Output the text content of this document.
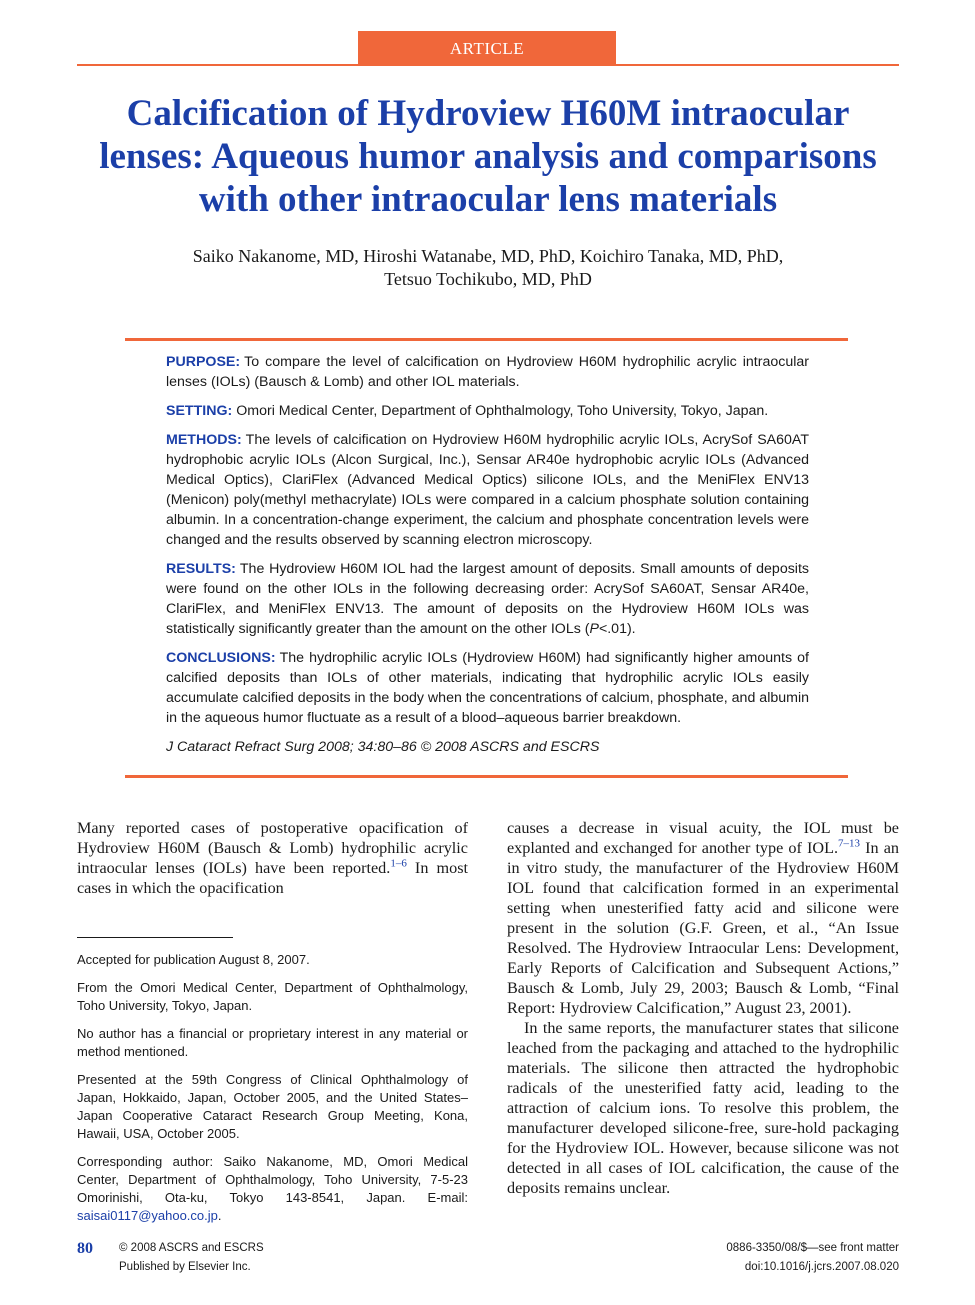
ARTICLE
Calcification of Hydroview H60M intraocular
lenses: Aqueous humor analysis and comparisons
with other intraocular lens materials
Saiko Nakanome, MD, Hiroshi Watanabe, MD, PhD, Koichiro Tanaka, MD, PhD,
Tetsuo Tochikubo, MD, PhD

PURPOSE: To compare the level of calcification on Hydroview H60M hydrophilic acrylic intraocular lenses (IOLs) (Bausch & Lomb) and other IOL materials.

SETTING: Omori Medical Center, Department of Ophthalmology, Toho University, Tokyo, Japan.

METHODS: The levels of calcification on Hydroview H60M hydrophilic acrylic IOLs, AcrySof SA60AT hydrophobic acrylic IOLs (Alcon Surgical, Inc.), Sensar AR40e hydrophobic acrylic IOLs (Advanced Medical Optics), ClariFlex (Advanced Medical Optics) silicone IOLs, and the MeniFlex ENV13 (Menicon) poly(methyl methacrylate) IOLs were compared in a calcium phosphate solution containing albumin. In a concentration-change experiment, the calcium and phosphate concentration levels were changed and the results observed by scanning electron microscopy.

RESULTS: The Hydroview H60M IOL had the largest amount of deposits. Small amounts of deposits were found on the other IOLs in the following decreasing order: AcrySof SA60AT, Sensar AR40e, ClariFlex, and MeniFlex ENV13. The amount of deposits on the Hydroview H60M IOLs was statistically significantly greater than the amount on the other IOLs (P<.01).

CONCLUSIONS: The hydrophilic acrylic IOLs (Hydroview H60M) had significantly higher amounts of calcified deposits than IOLs of other materials, indicating that hydrophilic acrylic IOLs easily accumulate calcified deposits in the body when the concentrations of calcium, phosphate, and albumin in the aqueous humor fluctuate as a result of a blood–aqueous barrier breakdown.

J Cataract Refract Surg 2008; 34:80–86 © 2008 ASCRS and ESCRS

Many reported cases of postoperative opacification of Hydroview H60M (Bausch & Lomb) hydrophilic acrylic intraocular lenses (IOLs) have been reported.$^{1-6}$ In most cases in which the opacification

Accepted for publication August 8, 2007.

From the Omori Medical Center, Department of Ophthalmology, Toho University, Tokyo, Japan.

No author has a financial or proprietary interest in any material or method mentioned.

Presented at the 59th Congress of Clinical Ophthalmology of Japan, Hokkaido, Japan, October 2005, and the United States–Japan Cooperative Cataract Research Group Meeting, Kona, Hawaii, USA, October 2005.

Corresponding author: Saiko Nakanome, MD, Omori Medical Center, Department of Ophthalmology, Toho University, 7-5-23 Omorinishi, Ota-ku, Tokyo 143-8541, Japan. E-mail: saisai0117@yahoo.co.jp.

causes a decrease in visual acuity, the IOL must be explanted and exchanged for another type of IOL.$^{7-13}$ In an in vitro study, the manufacturer of the Hydroview H60M IOL found that calcification formed in an experimental setting when unesterified fatty acid and silicone were present in the solution (G.F. Green, et al., “An Issue Resolved. The Hydroview Intraocular Lens: Development, Early Reports of Calcification and Subsequent Actions,” Bausch & Lomb, July 29, 2003; Bausch & Lomb, “Final Report: Hydroview Calcification,” August 23, 2001).

In the same reports, the manufacturer states that silicone leached from the packaging and attached to the hydrophilic materials. The silicone then attracted the hydrophobic radicals of the unesterified fatty acid, leading to the attraction of calcium ions. To resolve this problem, the manufacturer developed silicone-free, sure-hold packaging for the Hydroview IOL. However, because silicone was not detected in all cases of IOL calcification, the cause of the deposits remains unclear.

80 © 2008 ASCRS and ESCRS
Published by Elsevier Inc.
0886-3350/08/$—see front matter
doi:10.1016/j.jcrs.2007.08.020
